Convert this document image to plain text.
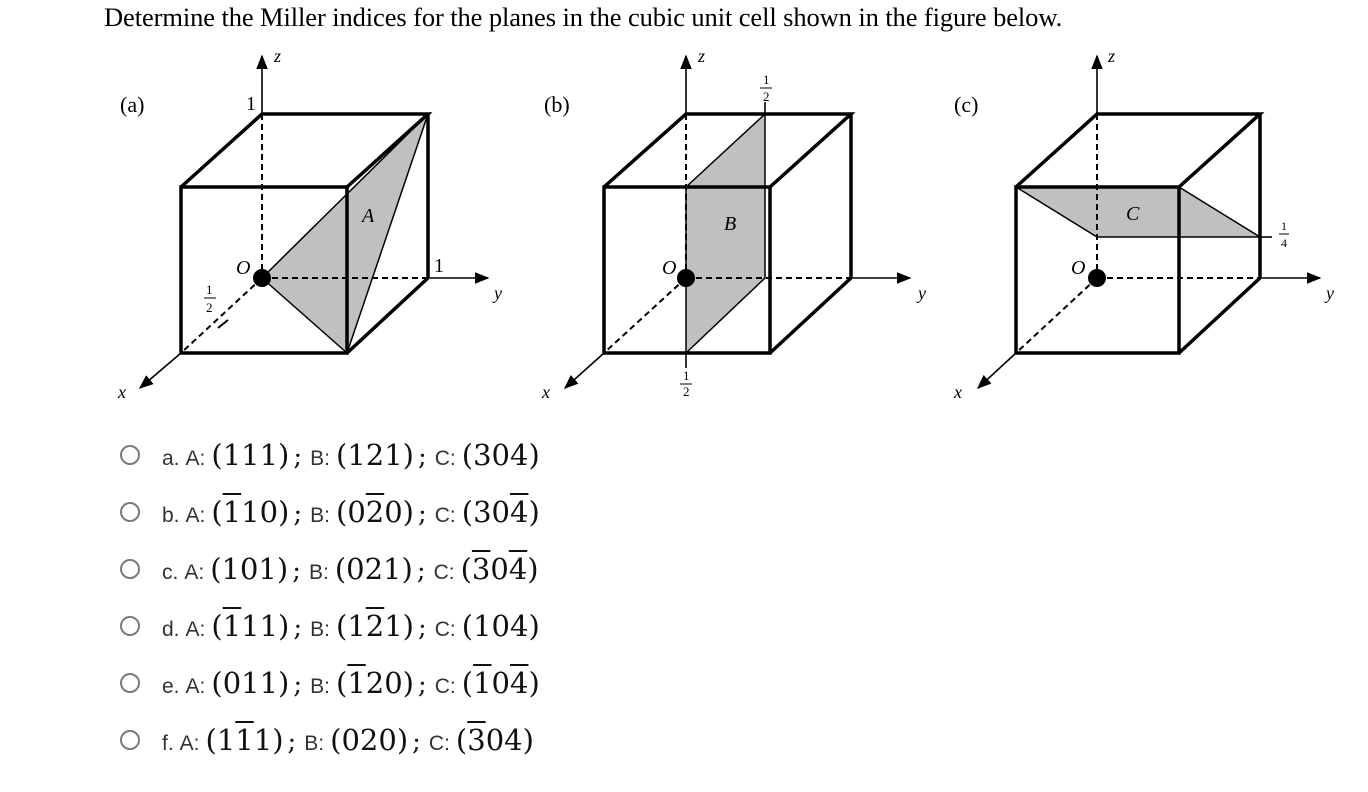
Determine the Miller indices for the planes in the cubic unit cell shown in the figure below.
(a)
O
A
z
y
x
1
1
1
2
(b)
O
B
z
y
x
1
2
1
2
(c)
O
C
z
y
x
1
4
a. A: (111) ; B: (121) ; C: (304)
b. A: (110) ; B: (020) ; C: (304)
c. A: (101) ; B: (021) ; C: (304)
d. A: (111) ; B: (121) ; C: (104)
e. A: (011) ; B: (120) ; C: (104)
f. A: (111) ; B: (020) ; C: (304)
